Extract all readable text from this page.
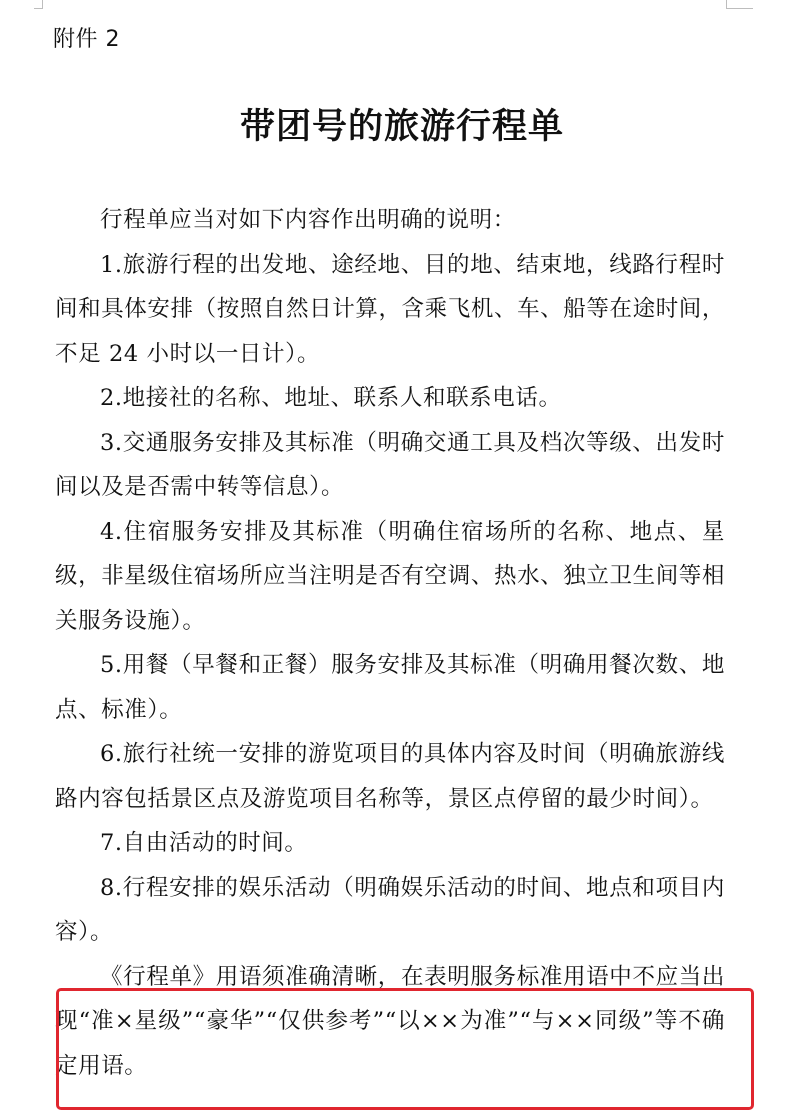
附件 2
带团号的旅游行程单

行程单应当对如下内容作出明确的说明：

1.旅游行程的出发地、途经地、目的地、结束地，线路行程时间和具体安排（按照自然日计算，含乘飞机、车、船等在途时间，不足 24 小时以一日计）。

2.地接社的名称、地址、联系人和联系电话。

3.交通服务安排及其标准（明确交通工具及档次等级、出发时间以及是否需中转等信息）。

4.住宿服务安排及其标准（明确住宿场所的名称、地点、星级，非星级住宿场所应当注明是否有空调、热水、独立卫生间等相关服务设施）。

5.用餐（早餐和正餐）服务安排及其标准（明确用餐次数、地点、标准）。

6.旅行社统一安排的游览项目的具体内容及时间（明确旅游线路内容包括景区点及游览项目名称等，景区点停留的最少时间）。

7.自由活动的时间。

8.行程安排的娱乐活动（明确娱乐活动的时间、地点和项目内容）。

《行程单》用语须准确清晰，在表明服务标准用语中不应当出现“准×星级”“豪华”“仅供参考”“以××为准”“与××同级”等不确定用语。
